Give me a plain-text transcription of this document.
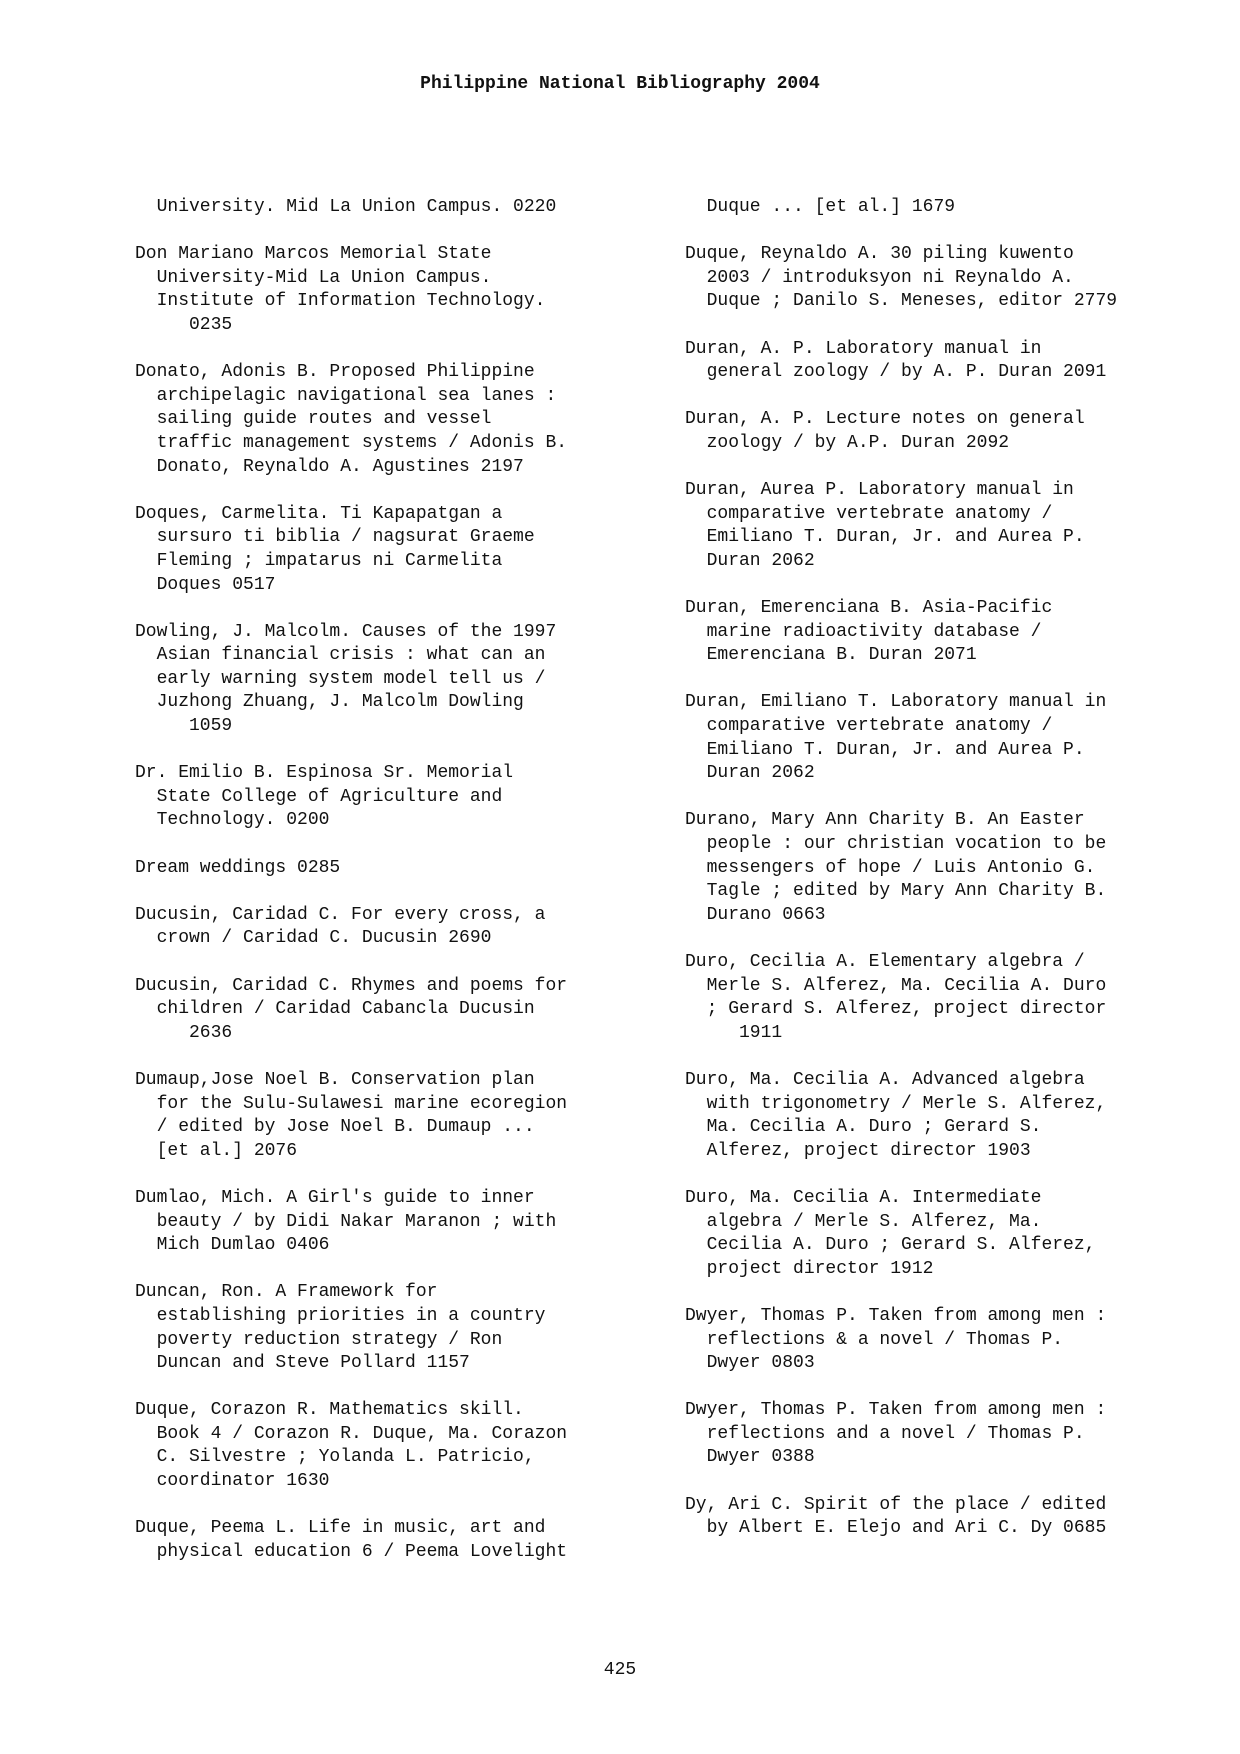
Philippine National Bibliography 2004
University. Mid La Union Campus. 0220
Don Mariano Marcos Memorial State
University-Mid La Union Campus.
Institute of Information Technology.
0235
Donato, Adonis B. Proposed Philippine
archipelagic navigational sea lanes :
sailing guide routes and vessel
traffic management systems / Adonis B.
Donato, Reynaldo A. Agustines 2197
Doques, Carmelita. Ti Kapapatgan a
sursuro ti biblia / nagsurat Graeme
Fleming ; impatarus ni Carmelita
Doques 0517
Dowling, J. Malcolm. Causes of the 1997
Asian financial crisis : what can an
early warning system model tell us /
Juzhong Zhuang, J. Malcolm Dowling
1059
Dr. Emilio B. Espinosa Sr. Memorial
State College of Agriculture and
Technology. 0200
Dream weddings 0285
Ducusin, Caridad C. For every cross, a
crown / Caridad C. Ducusin 2690
Ducusin, Caridad C. Rhymes and poems for
children / Caridad Cabancla Ducusin
2636
Dumaup,Jose Noel B. Conservation plan
for the Sulu-Sulawesi marine ecoregion
/ edited by Jose Noel B. Dumaup ...
[et al.] 2076
Dumlao, Mich. A Girl's guide to inner
beauty / by Didi Nakar Maranon ; with
Mich Dumlao 0406
Duncan, Ron. A Framework for
establishing priorities in a country
poverty reduction strategy / Ron
Duncan and Steve Pollard 1157
Duque, Corazon R. Mathematics skill.
Book 4 / Corazon R. Duque, Ma. Corazon
C. Silvestre ; Yolanda L. Patricio,
coordinator 1630
Duque, Peema L. Life in music, art and
physical education 6 / Peema Lovelight
Duque ... [et al.] 1679
Duque, Reynaldo A. 30 piling kuwento
2003 / introduksyon ni Reynaldo A.
Duque ; Danilo S. Meneses, editor 2779
Duran, A. P. Laboratory manual in
general zoology / by A. P. Duran 2091
Duran, A. P. Lecture notes on general
zoology / by A.P. Duran 2092
Duran, Aurea P. Laboratory manual in
comparative vertebrate anatomy /
Emiliano T. Duran, Jr. and Aurea P.
Duran 2062
Duran, Emerenciana B. Asia-Pacific
marine radioactivity database /
Emerenciana B. Duran 2071
Duran, Emiliano T. Laboratory manual in
comparative vertebrate anatomy /
Emiliano T. Duran, Jr. and Aurea P.
Duran 2062
Durano, Mary Ann Charity B. An Easter
people : our christian vocation to be
messengers of hope / Luis Antonio G.
Tagle ; edited by Mary Ann Charity B.
Durano 0663
Duro, Cecilia A. Elementary algebra /
Merle S. Alferez, Ma. Cecilia A. Duro
; Gerard S. Alferez, project director
1911
Duro, Ma. Cecilia A. Advanced algebra
with trigonometry / Merle S. Alferez,
Ma. Cecilia A. Duro ; Gerard S.
Alferez, project director 1903
Duro, Ma. Cecilia A. Intermediate
algebra / Merle S. Alferez, Ma.
Cecilia A. Duro ; Gerard S. Alferez,
project director 1912
Dwyer, Thomas P. Taken from among men :
reflections & a novel / Thomas P.
Dwyer 0803
Dwyer, Thomas P. Taken from among men :
reflections and a novel / Thomas P.
Dwyer 0388
Dy, Ari C. Spirit of the place / edited
by Albert E. Elejo and Ari C. Dy 0685
425
